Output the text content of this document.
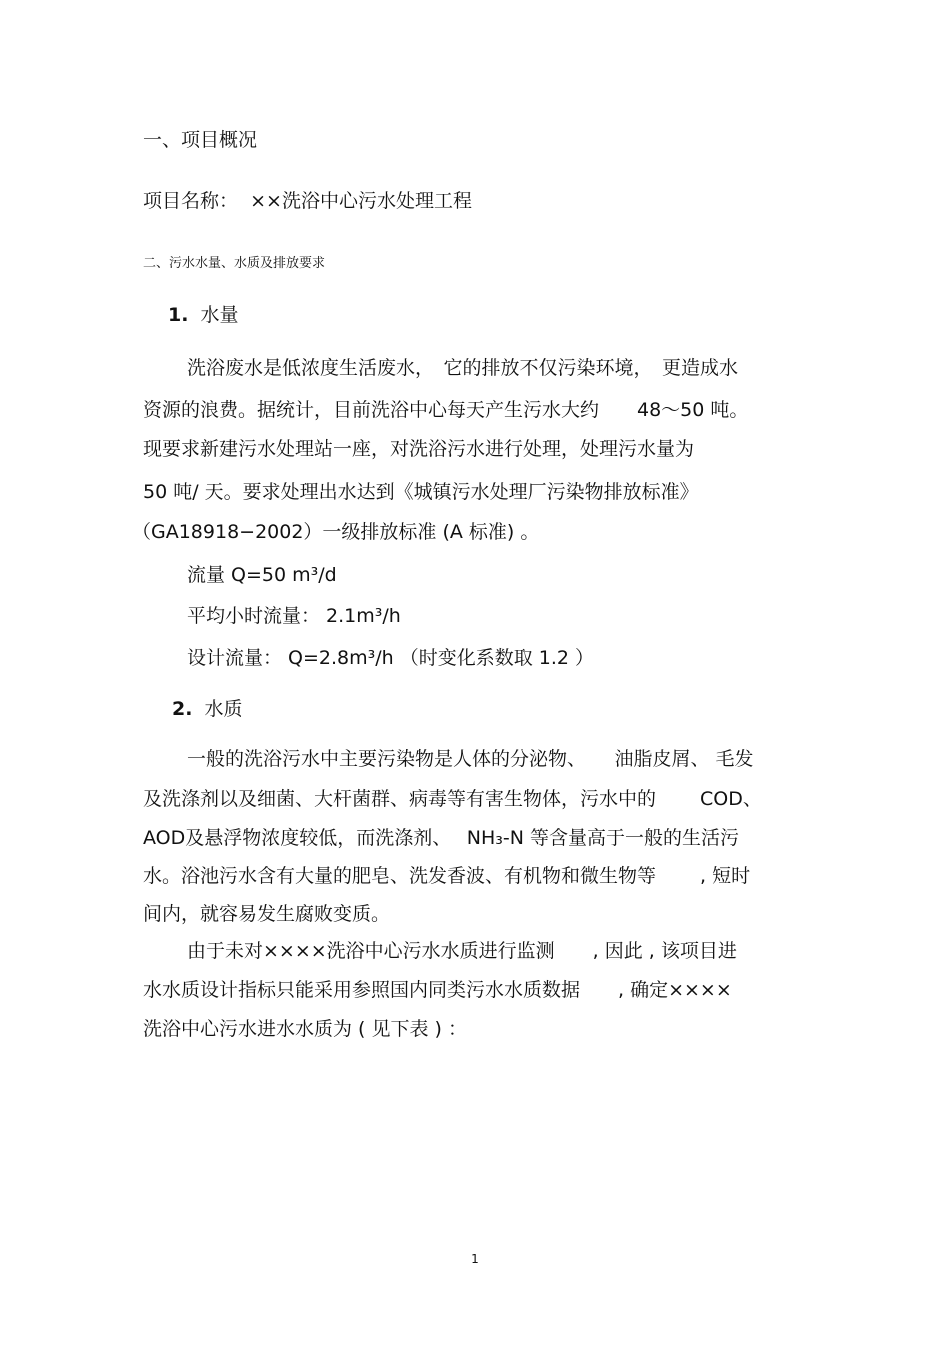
一、项目概况
项目名称： ××洗浴中心污水处理工程
二、污水水量、水质及排放要求
1. 水量
洗浴废水是低浓度生活废水，　它的排放不仅污染环境，　更造成水
资源的浪费。据统计，目前洗浴中心每天产生污水大约　　48～50 吨。
现要求新建污水处理站一座，对洗浴污水进行处理，处理污水量为
50 吨/ 天。要求处理出水达到《城镇污水处理厂污染物排放标准》
（GA18918−2002）一级排放标准 (A 标准) 。
流量 Q=50 m³/d
平均小时流量： 2.1m³/h
设计流量： Q=2.8m³/h （时变化系数取 1.2 ）
2. 水质
一般的洗浴污水中主要污染物是人体的分泌物、　　油脂皮屑、 毛发
及洗涤剂以及细菌、大杆菌群、病毒等有害生物体，污水中的　　 COD、
AOD及悬浮物浓度较低，而洗涤剂、　 NH₃-N 等含量高于一般的生活污
水。浴池污水含有大量的肥皂、洗发香波、有机物和微生物等　　 , 短时
间内，就容易发生腐败变质。
由于未对××××洗浴中心污水水质进行监测　　, 因此 , 该项目进
水水质设计指标只能采用参照国内同类污水水质数据　　, 确定××××
洗浴中心污水进水水质为 ( 见下表 ) ：
1
